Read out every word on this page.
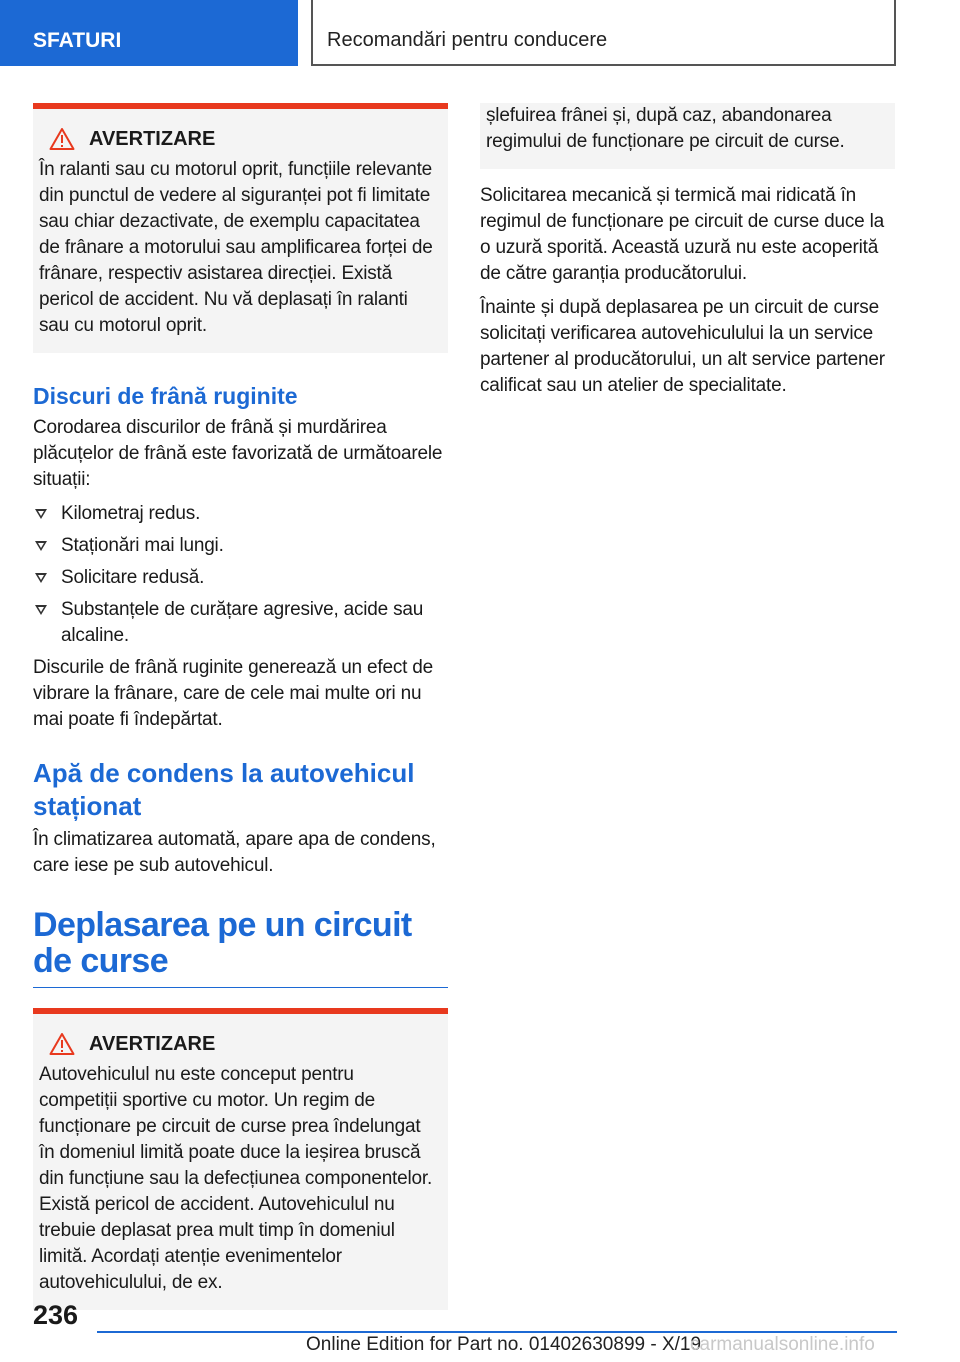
SFATURI	Recomandări pentru conducere
AVERTIZARE
În ralanti sau cu motorul oprit, funcțiile relevante din punctul de vedere al siguranței pot fi limitate sau chiar dezactivate, de exemplu capacitatea de frânare a motorului sau amplificarea forței de frânare, respectiv asistarea direcției. Există pericol de accident. Nu vă deplasați în ralanti sau cu motorul oprit.
Discuri de frână ruginite
Corodarea discurilor de frână și murdărirea plăcuțelor de frână este favorizată de următoarele situații:
Kilometraj redus.
Staționări mai lungi.
Solicitare redusă.
Substanțele de curățare agresive, acide sau alcaline.
Discurile de frână ruginite generează un efect de vibrare la frânare, care de cele mai multe ori nu mai poate fi îndepărtat.
Apă de condens la autovehicul staționat
În climatizarea automată, apare apa de condens, care iese pe sub autovehicul.
Deplasarea pe un circuit de curse
AVERTIZARE
Autovehiculul nu este conceput pentru competiții sportive cu motor. Un regim de funcționare pe circuit de curse prea îndelungat în domeniul limită poate duce la ieșirea bruscă din funcțiune sau la defecțiunea componentelor. Există pericol de accident. Autovehiculul nu trebuie deplasat prea mult timp în domeniul limită. Acordați atenție evenimentelor autovehiculului, de ex.
șlefuirea frânei și, după caz, abandonarea regimului de funcționare pe circuit de curse.
Solicitarea mecanică și termică mai ridicată în regimul de funcționare pe circuit de curse duce la o uzură sporită. Această uzură nu este acoperită de către garanția producătorului.
Înainte și după deplasarea pe un circuit de curse solicitați verificarea autovehiculului la un service partener al producătorului, un alt service partener calificat sau un atelier de specialitate.
236
Online Edition for Part no. 01402630899 - X/19
carmanualsonline.info
